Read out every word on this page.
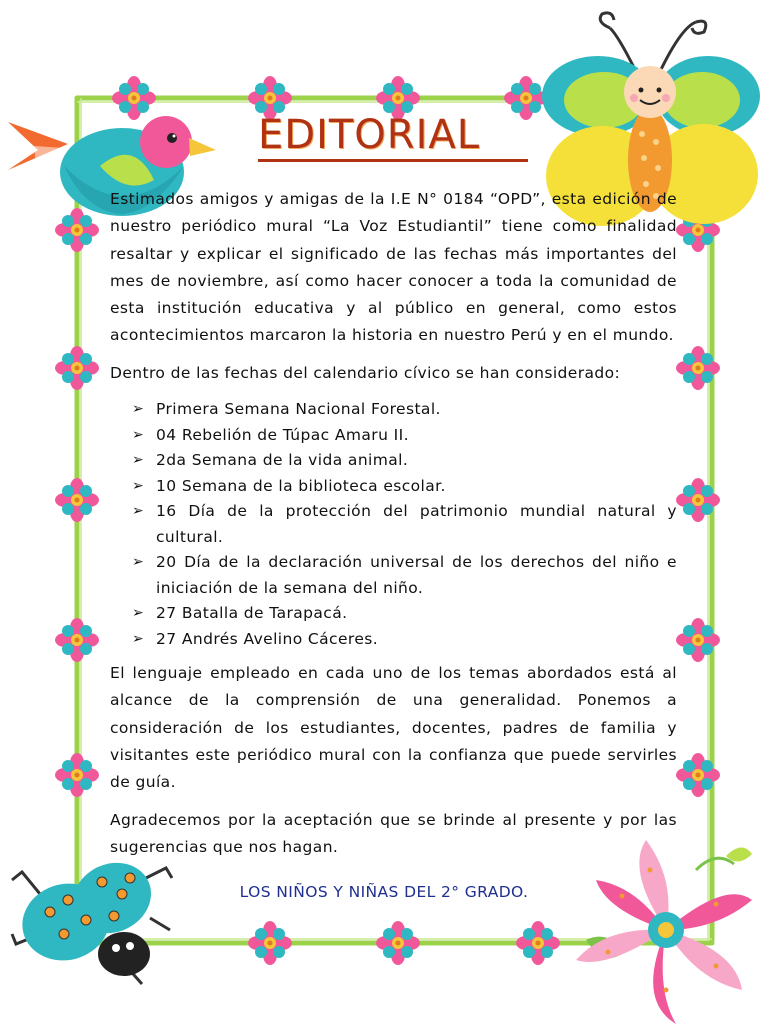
EDITORIAL

Estimados amigos y amigas de la I.E N° 0184 “OPD”, esta edición de nuestro periódico mural “La Voz Estudiantil” tiene como finalidad resaltar y explicar el significado de las fechas más importantes del mes de noviembre, así como hacer conocer a toda la comunidad de esta institución educativa y al público en general, como estos acontecimientos marcaron la historia en nuestro Perú y en el mundo.

Dentro de las fechas del calendario cívico se han considerado:

➢ Primera Semana Nacional Forestal.
➢ 04 Rebelión de Túpac Amaru II.
➢ 2da Semana de la vida animal.
➢ 10 Semana de la biblioteca escolar.
➢ 16 Día de la protección del patrimonio mundial natural y cultural.
➢ 20 Día de la declaración universal de los derechos del niño e iniciación de la semana del niño.
➢ 27 Batalla de Tarapacá.
➢ 27 Andrés Avelino Cáceres.

El lenguaje empleado en cada uno de los temas abordados está al alcance de la comprensión de una generalidad. Ponemos a consideración de los estudiantes, docentes, padres de familia y visitantes este periódico mural con la confianza que puede servirles de guía.

Agradecemos por la aceptación que se brinde al presente y por las sugerencias que nos hagan.

LOS NIÑOS Y NIÑAS DEL 2° GRADO.
